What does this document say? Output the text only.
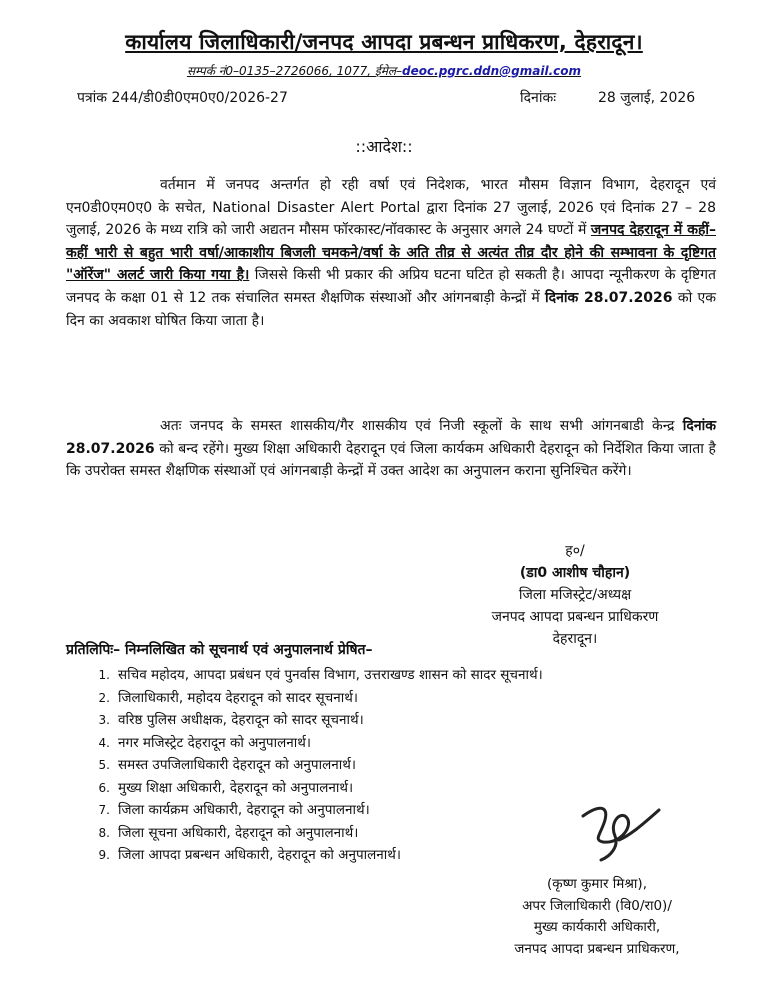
कार्यालय जिलाधिकारी/जनपद आपदा प्रबन्धन प्राधिकरण, देहरादून।
सम्पर्क नं0–0135–2726066, 1077, ईमेल–deoc.pgrc.ddn@gmail.com
पत्रांक 244/डी0डी0एम0ए0/2026-27	दिनांकः	28 जुलाई, 2026
::आदेश::
वर्तमान में जनपद अन्तर्गत हो रही वर्षा एवं निदेशक, भारत मौसम विज्ञान विभाग, देहरादून एवं एन0डी0एम0ए0 के सचेत, National Disaster Alert Portal द्वारा दिनांक 27 जुलाई, 2026 एवं दिनांक 27 – 28 जुलाई, 2026 के मध्य रात्रि को जारी अद्यतन मौसम फॉरकास्ट/नॉवकास्ट के अनुसार अगले 24 घण्टों में जनपद देहरादून में कहीं–कहीं भारी से बहुत भारी वर्षा/आकाशीय बिजली चमकने/वर्षा के अति तीव्र से अत्यंत तीव्र दौर होने की सम्भावना के दृष्टिगत "ऑरेंज" अलर्ट जारी किया गया है। जिससे किसी भी प्रकार की अप्रिय घटना घटित हो सकती है। आपदा न्यूनीकरण के दृष्टिगत जनपद के कक्षा 01 से 12 तक संचालित समस्त शैक्षणिक संस्थाओं और आंगनबाड़ी केन्द्रों में दिनांक 28.07.2026 को एक दिन का अवकाश घोषित किया जाता है।
अतः जनपद के समस्त शासकीय/गैर शासकीय एवं निजी स्कूलों के साथ सभी आंगनबाडी केन्द्र दिनांक 28.07.2026 को बन्द रहेंगे। मुख्य शिक्षा अधिकारी देहरादून एवं जिला कार्यकम अधिकारी देहरादून को निर्देशित किया जाता है कि उपरोक्त समस्त शैक्षणिक संस्थाओं एवं आंगनबाड़ी केन्द्रों में उक्त आदेश का अनुपालन कराना सुनिश्चित करेंगे।
ह०/
(डा0 आशीष चौहान)
जिला मजिस्ट्रेट/अध्यक्ष
जनपद आपदा प्रबन्धन प्राधिकरण
देहरादून।
प्रतिलिपिः– निम्नलिखित को सूचनार्थ एवं अनुपालनार्थ प्रेषित–
1. सचिव महोदय, आपदा प्रबंधन एवं पुनर्वास विभाग, उत्तराखण्ड शासन को सादर सूचनार्थ।
2. जिलाधिकारी, महोदय देहरादून को सादर सूचनार्थ।
3. वरिष्ठ पुलिस अधीक्षक, देहरादून को सादर सूचनार्थ।
4. नगर मजिस्ट्रेट देहरादून को अनुपालनार्थ।
5. समस्त उपजिलाधिकारी देहरादून को अनुपालनार्थ।
6. मुख्य शिक्षा अधिकारी, देहरादून को अनुपालनार्थ।
7. जिला कार्यक्रम अधिकारी, देहरादून को अनुपालनार्थ।
8. जिला सूचना अधिकारी, देहरादून को अनुपालनार्थ।
9. जिला आपदा प्रबन्धन अधिकारी, देहरादून को अनुपालनार्थ।
(कृष्ण कुमार मिश्रा),
अपर जिलाधिकारी (वि0/रा0)/
मुख्य कार्यकारी अधिकारी,
जनपद आपदा प्रबन्धन प्राधिकरण,
